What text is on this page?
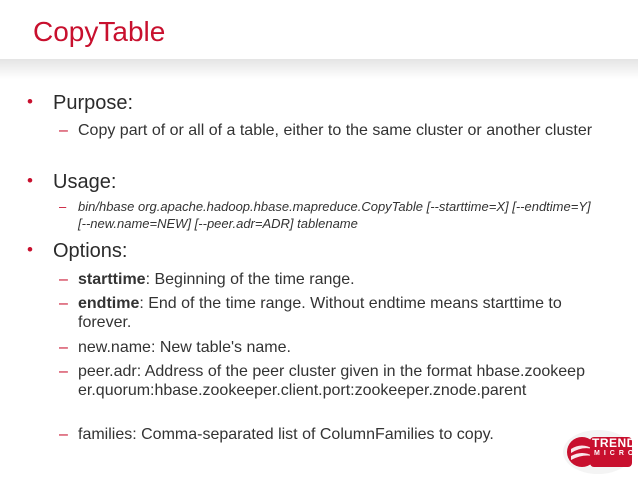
CopyTable
• Purpose:
– Copy part of or all of a table, either to the same cluster or another cluster
• Usage:
– bin/hbase org.apache.hadoop.hbase.mapreduce.CopyTable [--starttime=X] [--endtime=Y] [--new.name=NEW] [--peer.adr=ADR] tablename
• Options:
– starttime: Beginning of the time range.
– endtime: End of the time range. Without endtime means starttime to forever.
– new.name: New table's name.
– peer.adr: Address of the peer cluster given in the format hbase.zookeeper.quorum:hbase.zookeeper.client.port:zookeeper.znode.parent
– families: Comma-separated list of ColumnFamilies to copy.	TREND
MICRO
